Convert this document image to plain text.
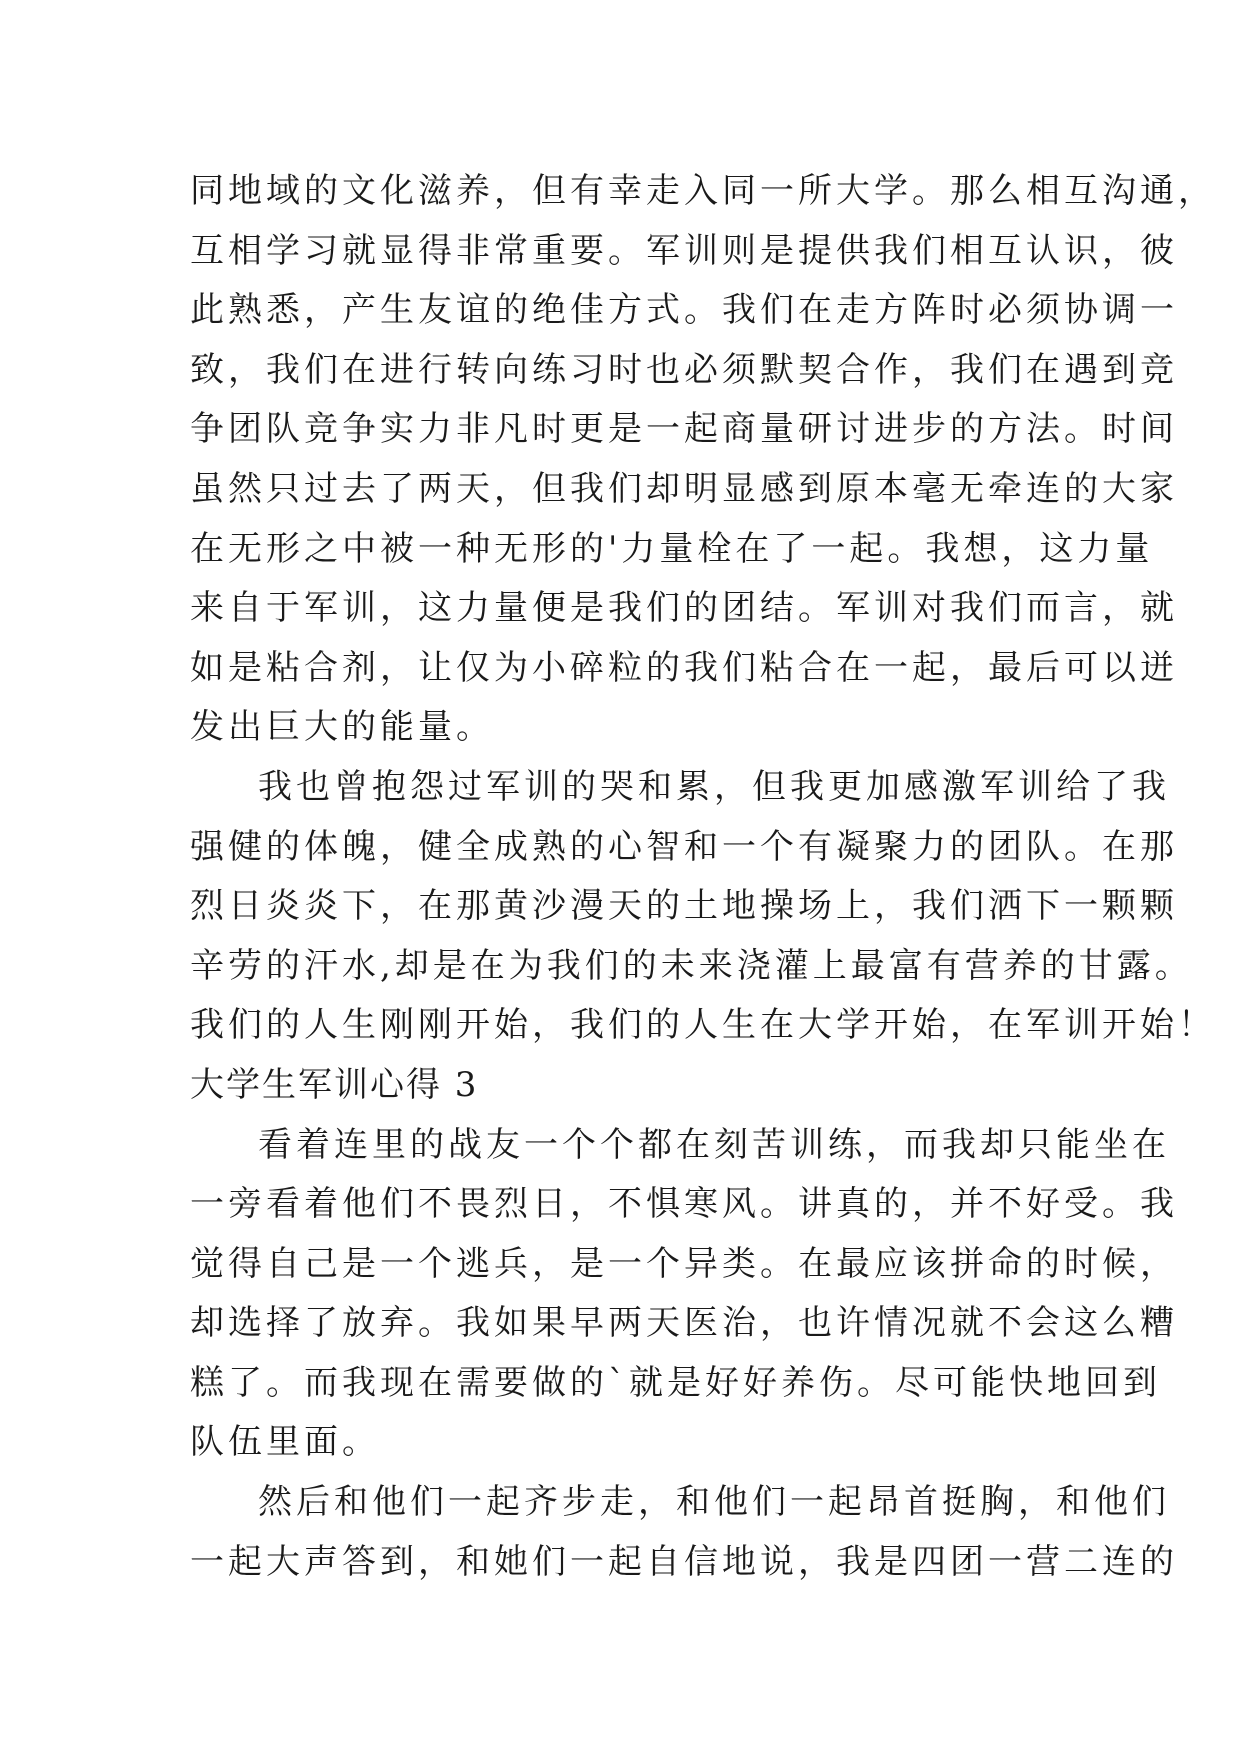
同地域的文化滋养，但有幸走入同一所大学。那么相互沟通，
互相学习就显得非常重要。军训则是提供我们相互认识，彼
此熟悉，产生友谊的绝佳方式。我们在走方阵时必须协调一
致，我们在进行转向练习时也必须默契合作，我们在遇到竞
争团队竞争实力非凡时更是一起商量研讨进步的方法。时间
虽然只过去了两天，但我们却明显感到原本毫无牵连的大家
在无形之中被一种无形的'力量栓在了一起。我想，这力量
来自于军训，这力量便是我们的团结。军训对我们而言，就
如是粘合剂，让仅为小碎粒的我们粘合在一起，最后可以迸
发出巨大的能量。
我也曾抱怨过军训的哭和累，但我更加感激军训给了我
强健的体魄，健全成熟的心智和一个有凝聚力的团队。在那
烈日炎炎下，在那黄沙漫天的土地操场上，我们洒下一颗颗
辛劳的汗水,却是在为我们的未来浇灌上最富有营养的甘露。
我们的人生刚刚开始，我们的人生在大学开始，在军训开始！
大学生军训心得 3
看着连里的战友一个个都在刻苦训练，而我却只能坐在
一旁看着他们不畏烈日，不惧寒风。讲真的，并不好受。我
觉得自己是一个逃兵，是一个异类。在最应该拼命的时候，
却选择了放弃。我如果早两天医治，也许情况就不会这么糟
糕了。而我现在需要做的`就是好好养伤。尽可能快地回到
队伍里面。
然后和他们一起齐步走，和他们一起昂首挺胸，和他们
一起大声答到，和她们一起自信地说，我是四团一营二连的
